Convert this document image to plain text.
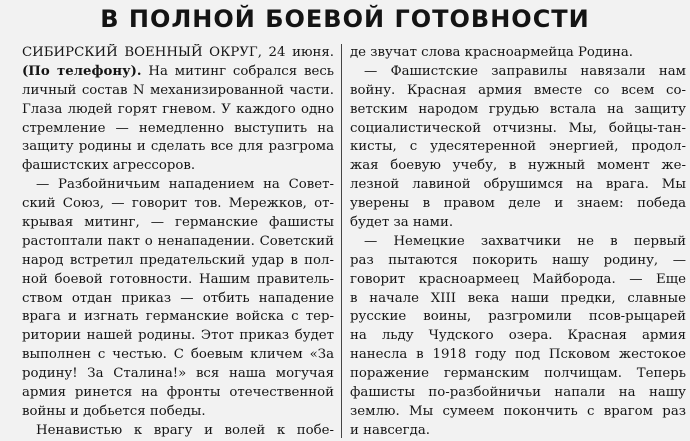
В ПОЛНОЙ БОЕВОЙ ГОТОВНОСТИ
СИБИРСКИЙ ВОЕННЫЙ ОКРУГ, 24 июня.
(По телефону). На митинг собрался весь
личный состав N механизированной части.
Глаза людей горят гневом. У каждого одно
стремление — немедленно выступить на
защиту родины и сделать все для разгрома
фашистских агрессоров.
— Разбойничьим нападением на Совет-
ский Союз, — говорит тов. Мережков, от-
крывая митинг, — германские фашисты
растоптали пакт о ненападении. Советский
народ встретил предательский удар в пол-
ной боевой готовности. Нашим правитель-
ством отдан приказ — отбить нападение
врага и изгнать германские войска с тер-
ритории нашей родины. Этот приказ будет
выполнен с честью. С боевым кличем «За
родину! За Сталина!» вся наша могучая
армия ринется на фронты отечественной
войны и добьется победы.
Ненавистью к врагу и волей к побе-
де звучат слова красноармейца Родина.
— Фашистские заправилы навязали нам
войну. Красная армия вместе со всем со-
ветским народом грудью встала на защиту
социалистической отчизны. Мы, бойцы-тан-
кисты, с удесятеренной энергией, продол-
жая боевую учебу, в нужный момент же-
лезной лавиной обрушимся на врага. Мы
уверены в правом деле и знаем: победа
будет за нами.
— Немецкие захватчики не в первый
раз пытаются покорить нашу родину, —
говорит красноармеец Майборода. — Еще
в начале XIII века наши предки, славные
русские воины, разгромили псов-рыцарей
на льду Чудского озера. Красная армия
нанесла в 1918 году под Псковом жестокое
поражение германским полчищам. Теперь
фашисты по-разбойничьи напали на нашу
землю. Мы сумеем покончить с врагом раз
и навсегда.
